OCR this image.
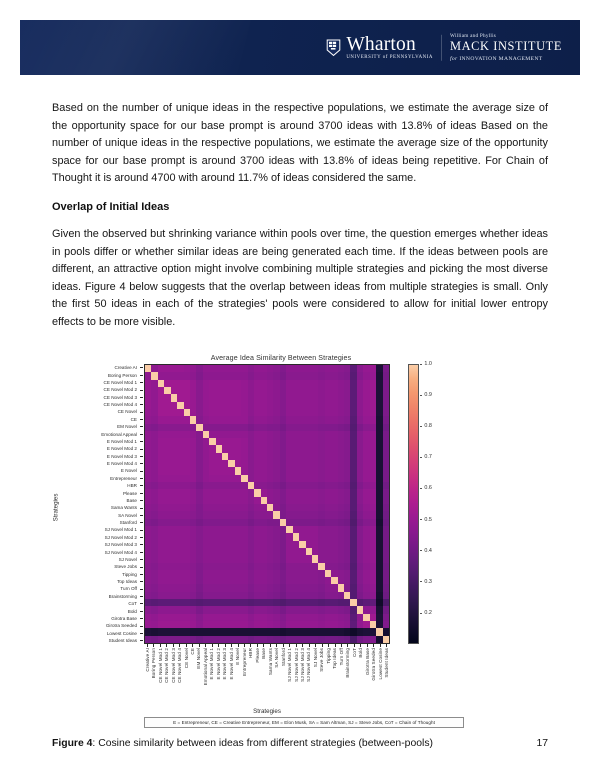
Wharton
UNIVERSITY of PENNSYLVANIA
William and Phyllis
MACK INSTITUTE
for INNOVATION MANAGEMENT

Based on the number of unique ideas in the respective populations, we estimate the average size of the opportunity space for our base prompt is around 3700 ideas with 13.8% of ideas Based on the number of unique ideas in the respective populations, we estimate the average size of the opportunity space for our base prompt is around 3700 ideas with 13.8% of ideas being repetitive. For Chain of Thought it is around 4700 with around 11.7% of ideas considered the same.

Overlap of Initial Ideas

Given the observed but shrinking variance within pools over time, the question emerges whether ideas in pools differ or whether similar ideas are being generated each time. If the ideas between pools are different, an attractive option might involve combining multiple strategies and picking the most diverse ideas. Figure 4 below suggests that the overlap between ideas from multiple strategies is small. Only the first 50 ideas in each of the strategies' pools were considered to allow for initial lower entropy effects to be more visible.

Average Idea Similarity Between Strategies
Creative AI
Boring Person
CE Novel Mod 1
CE Novel Mod 2
CE Novel Mod 3
CE Novel Mod 4
CE Novel
CE
EM Novel
Emotional Appeal
E Novel Mod 1
E Novel Mod 2
E Novel Mod 3
E Novel Mod 4
E Novel
Entrepreneur
HBR
Please
Base
Sama Wants
SA Novel
Stanford
SJ Novel Mod 1
SJ Novel Mod 2
SJ Novel Mod 3
SJ Novel Mod 4
SJ Novel
Steve Jobs
Tipping
Top Ideas
Turn Off
Brainstorming
CoT
Bold
Girotra Base
Girotra Seeded
Lowest Cosine
Student Ideas
Creative AI Boring Person CE Novel Mod 1 CE Novel Mod 2 CE Novel Mod 3 CE Novel Mod 4 CE Novel CE EM Novel Emotional Appeal E Novel Mod 1 E Novel Mod 2 E Novel Mod 3 E Novel Mod 4 E Novel Entrepreneur HBR Please Base Sama Wants SA Novel Stanford SJ Novel Mod 1 SJ Novel Mod 2 SJ Novel Mod 3 SJ Novel Mod 4 SJ Novel Steve Jobs Tipping Top Ideas Turn Off Brainstorming CoT Bold Girotra Base Girotra Seeded Lowest Cosine Student Ideas
Strategies
Strategies
1.0
0.9
0.8
0.7
0.6
0.5
0.4
0.3
0.2
E = Entrepreneur, CE = Creative Entrepreneur, EM = Elon Musk, SA = Sam Altman, SJ = Steve Jobs, CoT = Chain of Thought
Figure 4: Cosine similarity between ideas from different strategies (between-pools)	17
